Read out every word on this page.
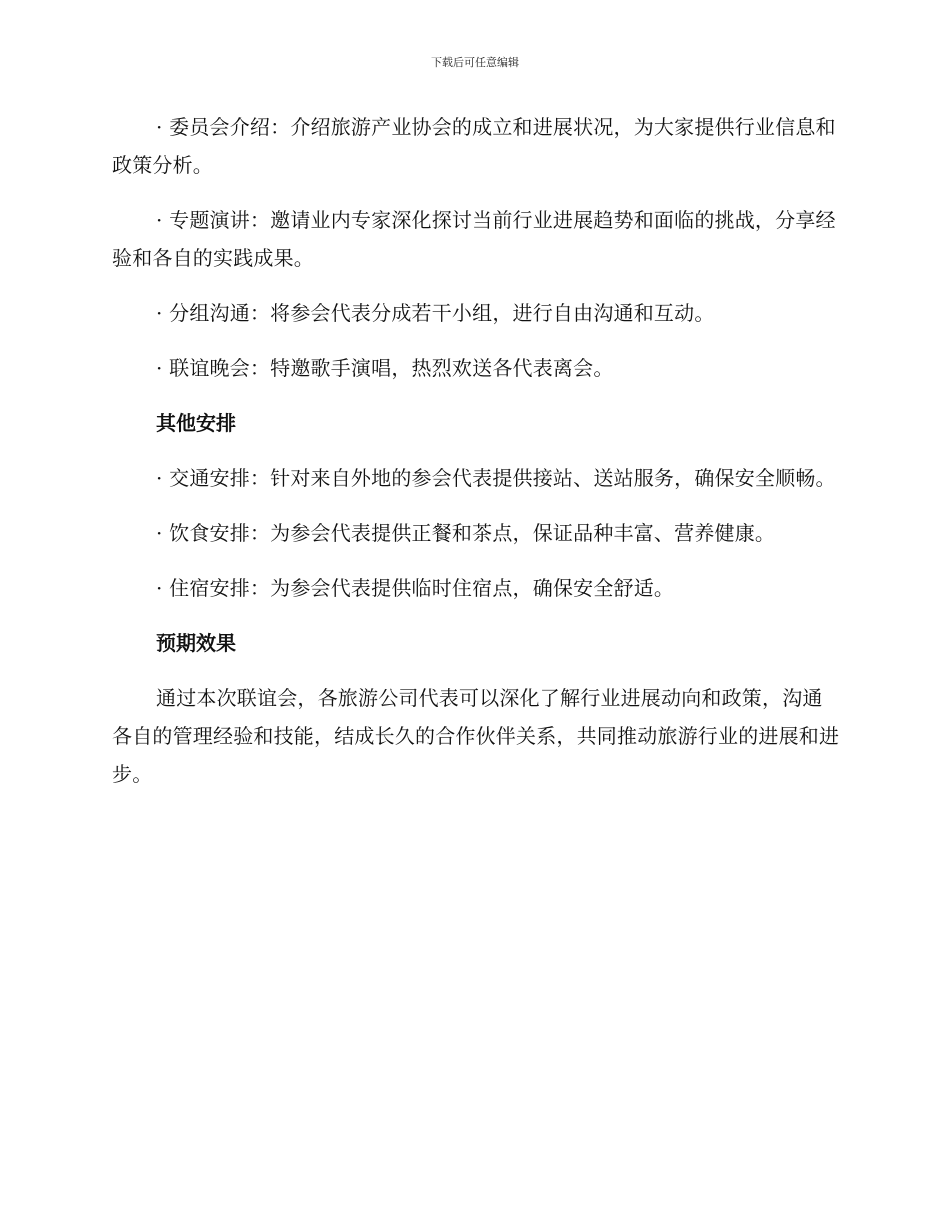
下载后可任意编辑

· 委员会介绍：介绍旅游产业协会的成立和进展状况，为大家提供行业信息和政策分析。

· 专题演讲：邀请业内专家深化探讨当前行业进展趋势和面临的挑战，分享经验和各自的实践成果。

· 分组沟通：将参会代表分成若干小组，进行自由沟通和互动。

· 联谊晚会：特邀歌手演唱，热烈欢送各代表离会。

其他安排

· 交通安排：针对来自外地的参会代表提供接站、送站服务，确保安全顺畅。

· 饮食安排：为参会代表提供正餐和茶点，保证品种丰富、营养健康。

· 住宿安排：为参会代表提供临时住宿点，确保安全舒适。

预期效果

通过本次联谊会，各旅游公司代表可以深化了解行业进展动向和政策，沟通各自的管理经验和技能，结成长久的合作伙伴关系，共同推动旅游行业的进展和进步。
